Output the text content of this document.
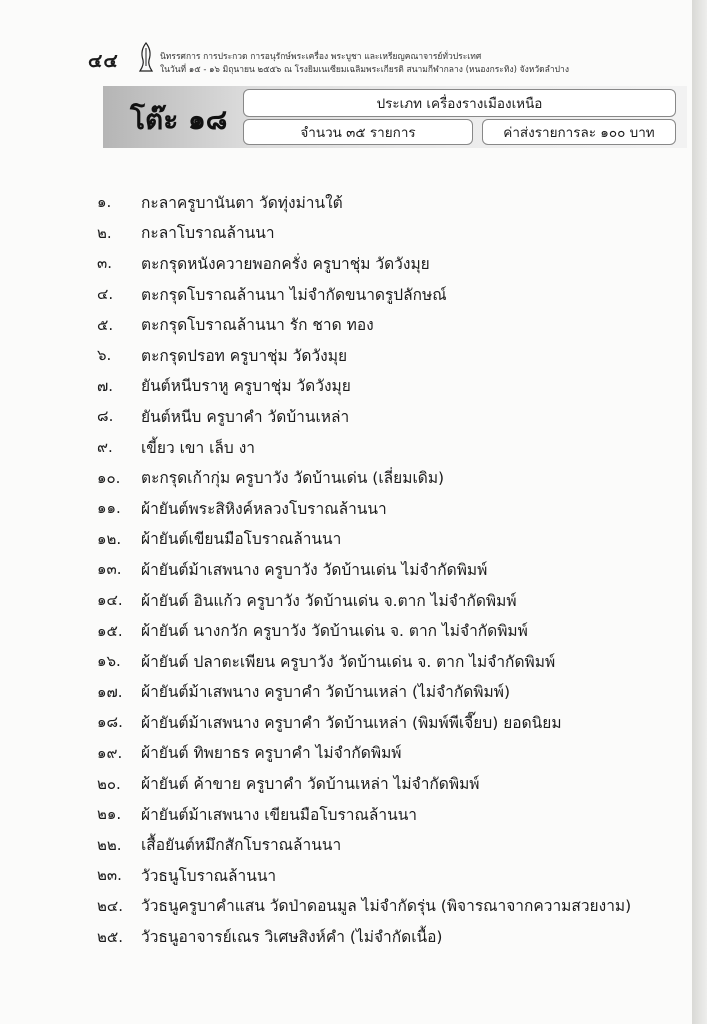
๔๔	นิทรรศการ การประกวด การอนุรักษ์พระเครื่อง พระบูชา และเหรียญคณาจารย์ทั่วประเทศ
ในวันที่ ๑๕ - ๑๖ มิถุนายน ๒๕๕๖ ณ โรงยิมเนเซียมเฉลิมพระเกียรติ สนามกีฬากลาง (หนองกระทิง) จังหวัดลำปาง
โต๊ะ ๑๘	ประเภท เครื่องรางเมืองเหนือ
จำนวน ๓๕ รายการ	ค่าส่งรายการละ ๑๐๐ บาท
๑.	กะลาครูบานันตา วัดทุ่งม่านใต้
๒.	กะลาโบราณล้านนา
๓.	ตะกรุดหนังควายพอกครั่ง ครูบาชุ่ม วัดวังมุย
๔.	ตะกรุดโบราณล้านนา ไม่จำกัดขนาดรูปลักษณ์
๕.	ตะกรุดโบราณล้านนา รัก ชาด ทอง
๖.	ตะกรุดปรอท ครูบาชุ่ม วัดวังมุย
๗.	ยันต์หนีบราหู ครูบาชุ่ม วัดวังมุย
๘.	ยันต์หนีบ ครูบาคำ วัดบ้านเหล่า
๙.	เขี้ยว เขา เล็บ งา
๑๐.	ตะกรุดเก้ากุ่ม ครูบาวัง วัดบ้านเด่น (เลี่ยมเดิม)
๑๑.	ผ้ายันต์พระสิหิงค์หลวงโบราณล้านนา
๑๒.	ผ้ายันต์เขียนมือโบราณล้านนา
๑๓.	ผ้ายันต์ม้าเสพนาง ครูบาวัง วัดบ้านเด่น ไม่จำกัดพิมพ์
๑๔.	ผ้ายันต์ อินแก้ว ครูบาวัง วัดบ้านเด่น จ.ตาก ไม่จำกัดพิมพ์
๑๕.	ผ้ายันต์ นางกวัก ครูบาวัง วัดบ้านเด่น จ. ตาก ไม่จำกัดพิมพ์
๑๖.	ผ้ายันต์ ปลาตะเพียน ครูบาวัง วัดบ้านเด่น จ. ตาก ไม่จำกัดพิมพ์
๑๗.	ผ้ายันต์ม้าเสพนาง ครูบาคำ วัดบ้านเหล่า (ไม่จำกัดพิมพ์)
๑๘.	ผ้ายันต์ม้าเสพนาง ครูบาคำ วัดบ้านเหล่า (พิมพ์พีเจี๊ยบ) ยอดนิยม
๑๙.	ผ้ายันต์ ทิพยาธร ครูบาคำ ไม่จำกัดพิมพ์
๒๐.	ผ้ายันต์ ค้าขาย ครูบาคำ วัดบ้านเหล่า ไม่จำกัดพิมพ์
๒๑.	ผ้ายันต์ม้าเสพนาง เขียนมือโบราณล้านนา
๒๒.	เสื้อยันต์หมึกสักโบราณล้านนา
๒๓.	วัวธนูโบราณล้านนา
๒๔.	วัวธนูครูบาคำแสน วัดป่าดอนมูล ไม่จำกัดรุ่น (พิจารณาจากความสวยงาม)
๒๕.	วัวธนูอาจารย์เณร วิเศษสิงห์คำ (ไม่จำกัดเนื้อ)
